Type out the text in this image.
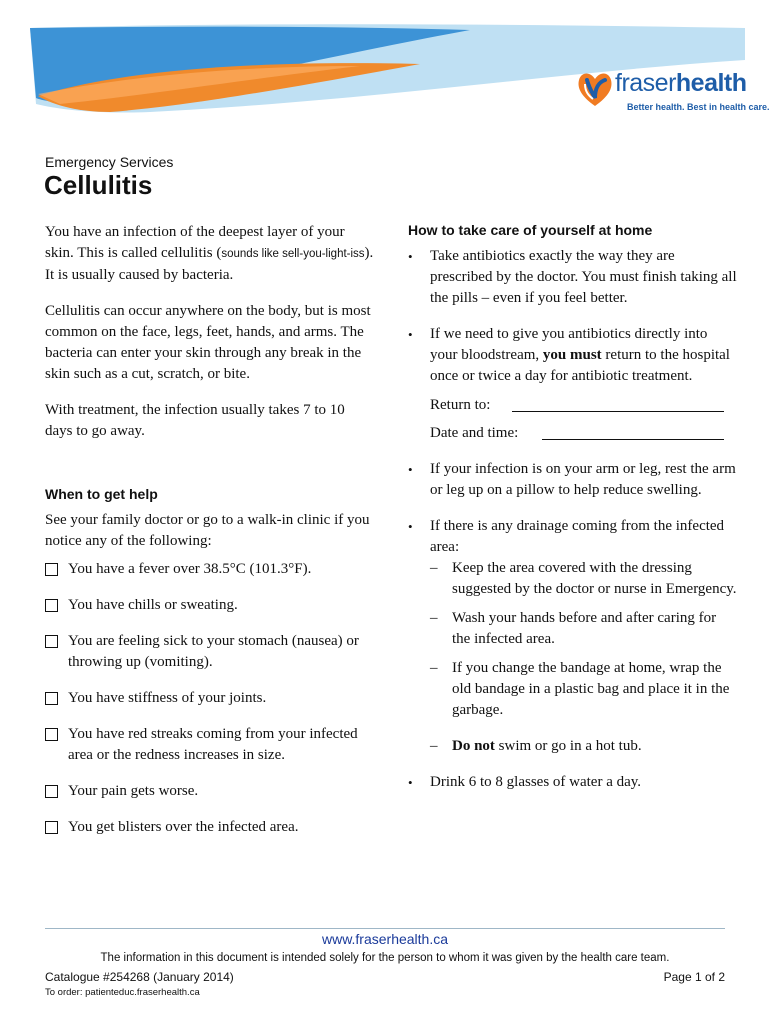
fraserhealth
Better health. Best in health care.
Emergency Services
Cellulitis

You have an infection of the deepest layer of your skin. This is called cellulitis (sounds like sell-you-light-iss). It is usually caused by bacteria.

Cellulitis can occur anywhere on the body, but is most common on the face, legs, feet, hands, and arms. The bacteria can enter your skin through any break in the skin such as a cut, scratch, or bite.

With treatment, the infection usually takes 7 to 10 days to go away.

When to get help

See your family doctor or go to a walk-in clinic if you notice any of the following:

You have a fever over 38.5°C (101.3°F).
You have chills or sweating.
You are feeling sick to your stomach (nausea) or throwing up (vomiting).
You have stiffness of your joints.
You have red streaks coming from your infected area or the redness increases in size.
Your pain gets worse.
You get blisters over the infected area.

How to take care of yourself at home

•	Take antibiotics exactly the way they are prescribed by the doctor. You must finish taking all the pills – even if you feel better.
•	If we need to give you antibiotics directly into your bloodstream, you must return to the hospital once or twice a day for antibiotic treatment.
Return to:
Date and time:
•	If your infection is on your arm or leg, rest the arm or leg up on a pillow to help reduce swelling.
•	If there is any drainage coming from the infected area:
– Keep the area covered with the dressing suggested by the doctor or nurse in Emergency.
– Wash your hands before and after caring for the infected area.
– If you change the bandage at home, wrap the old bandage in a plastic bag and place it in the garbage.
– Do not swim or go in a hot tub.
•	Drink 6 to 8 glasses of water a day.
www.fraserhealth.ca
The information in this document is intended solely for the person to whom it was given by the health care team.
Catalogue #254268 (January 2014)	Page 1 of 2
To order: patienteduc.fraserhealth.ca
